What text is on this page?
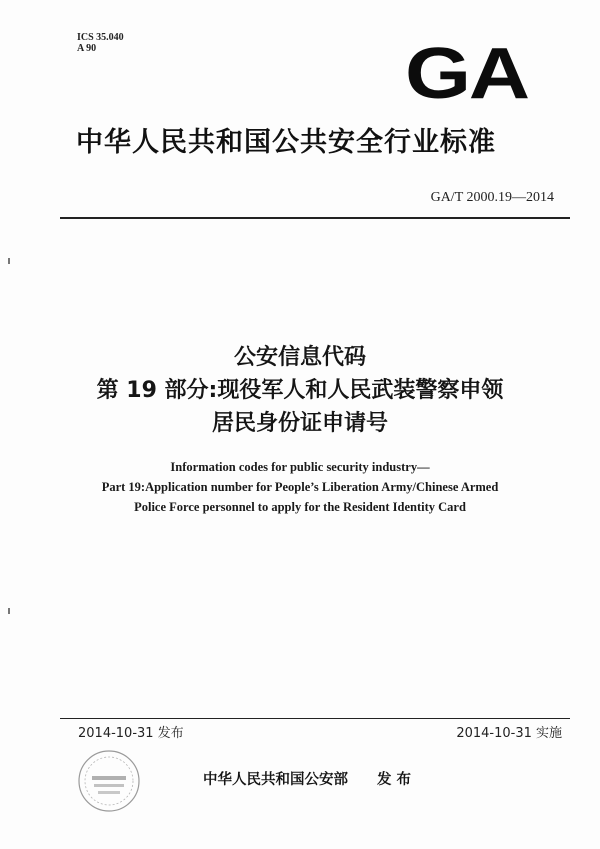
ICS 35.040
A 90	GA
中华人民共和国公共安全行业标准
GA/T 2000.19—2014
公安信息代码
第 19 部分:现役军人和人民武装警察申领
居民身份证申请号
Information codes for public security industry—
Part 19:Application number for People’s Liberation Army/Chinese Armed
Police Force personnel to apply for the Resident Identity Card
2014-10-31 发布	2014-10-31 实施
中华人民共和国公安部　　发 布
